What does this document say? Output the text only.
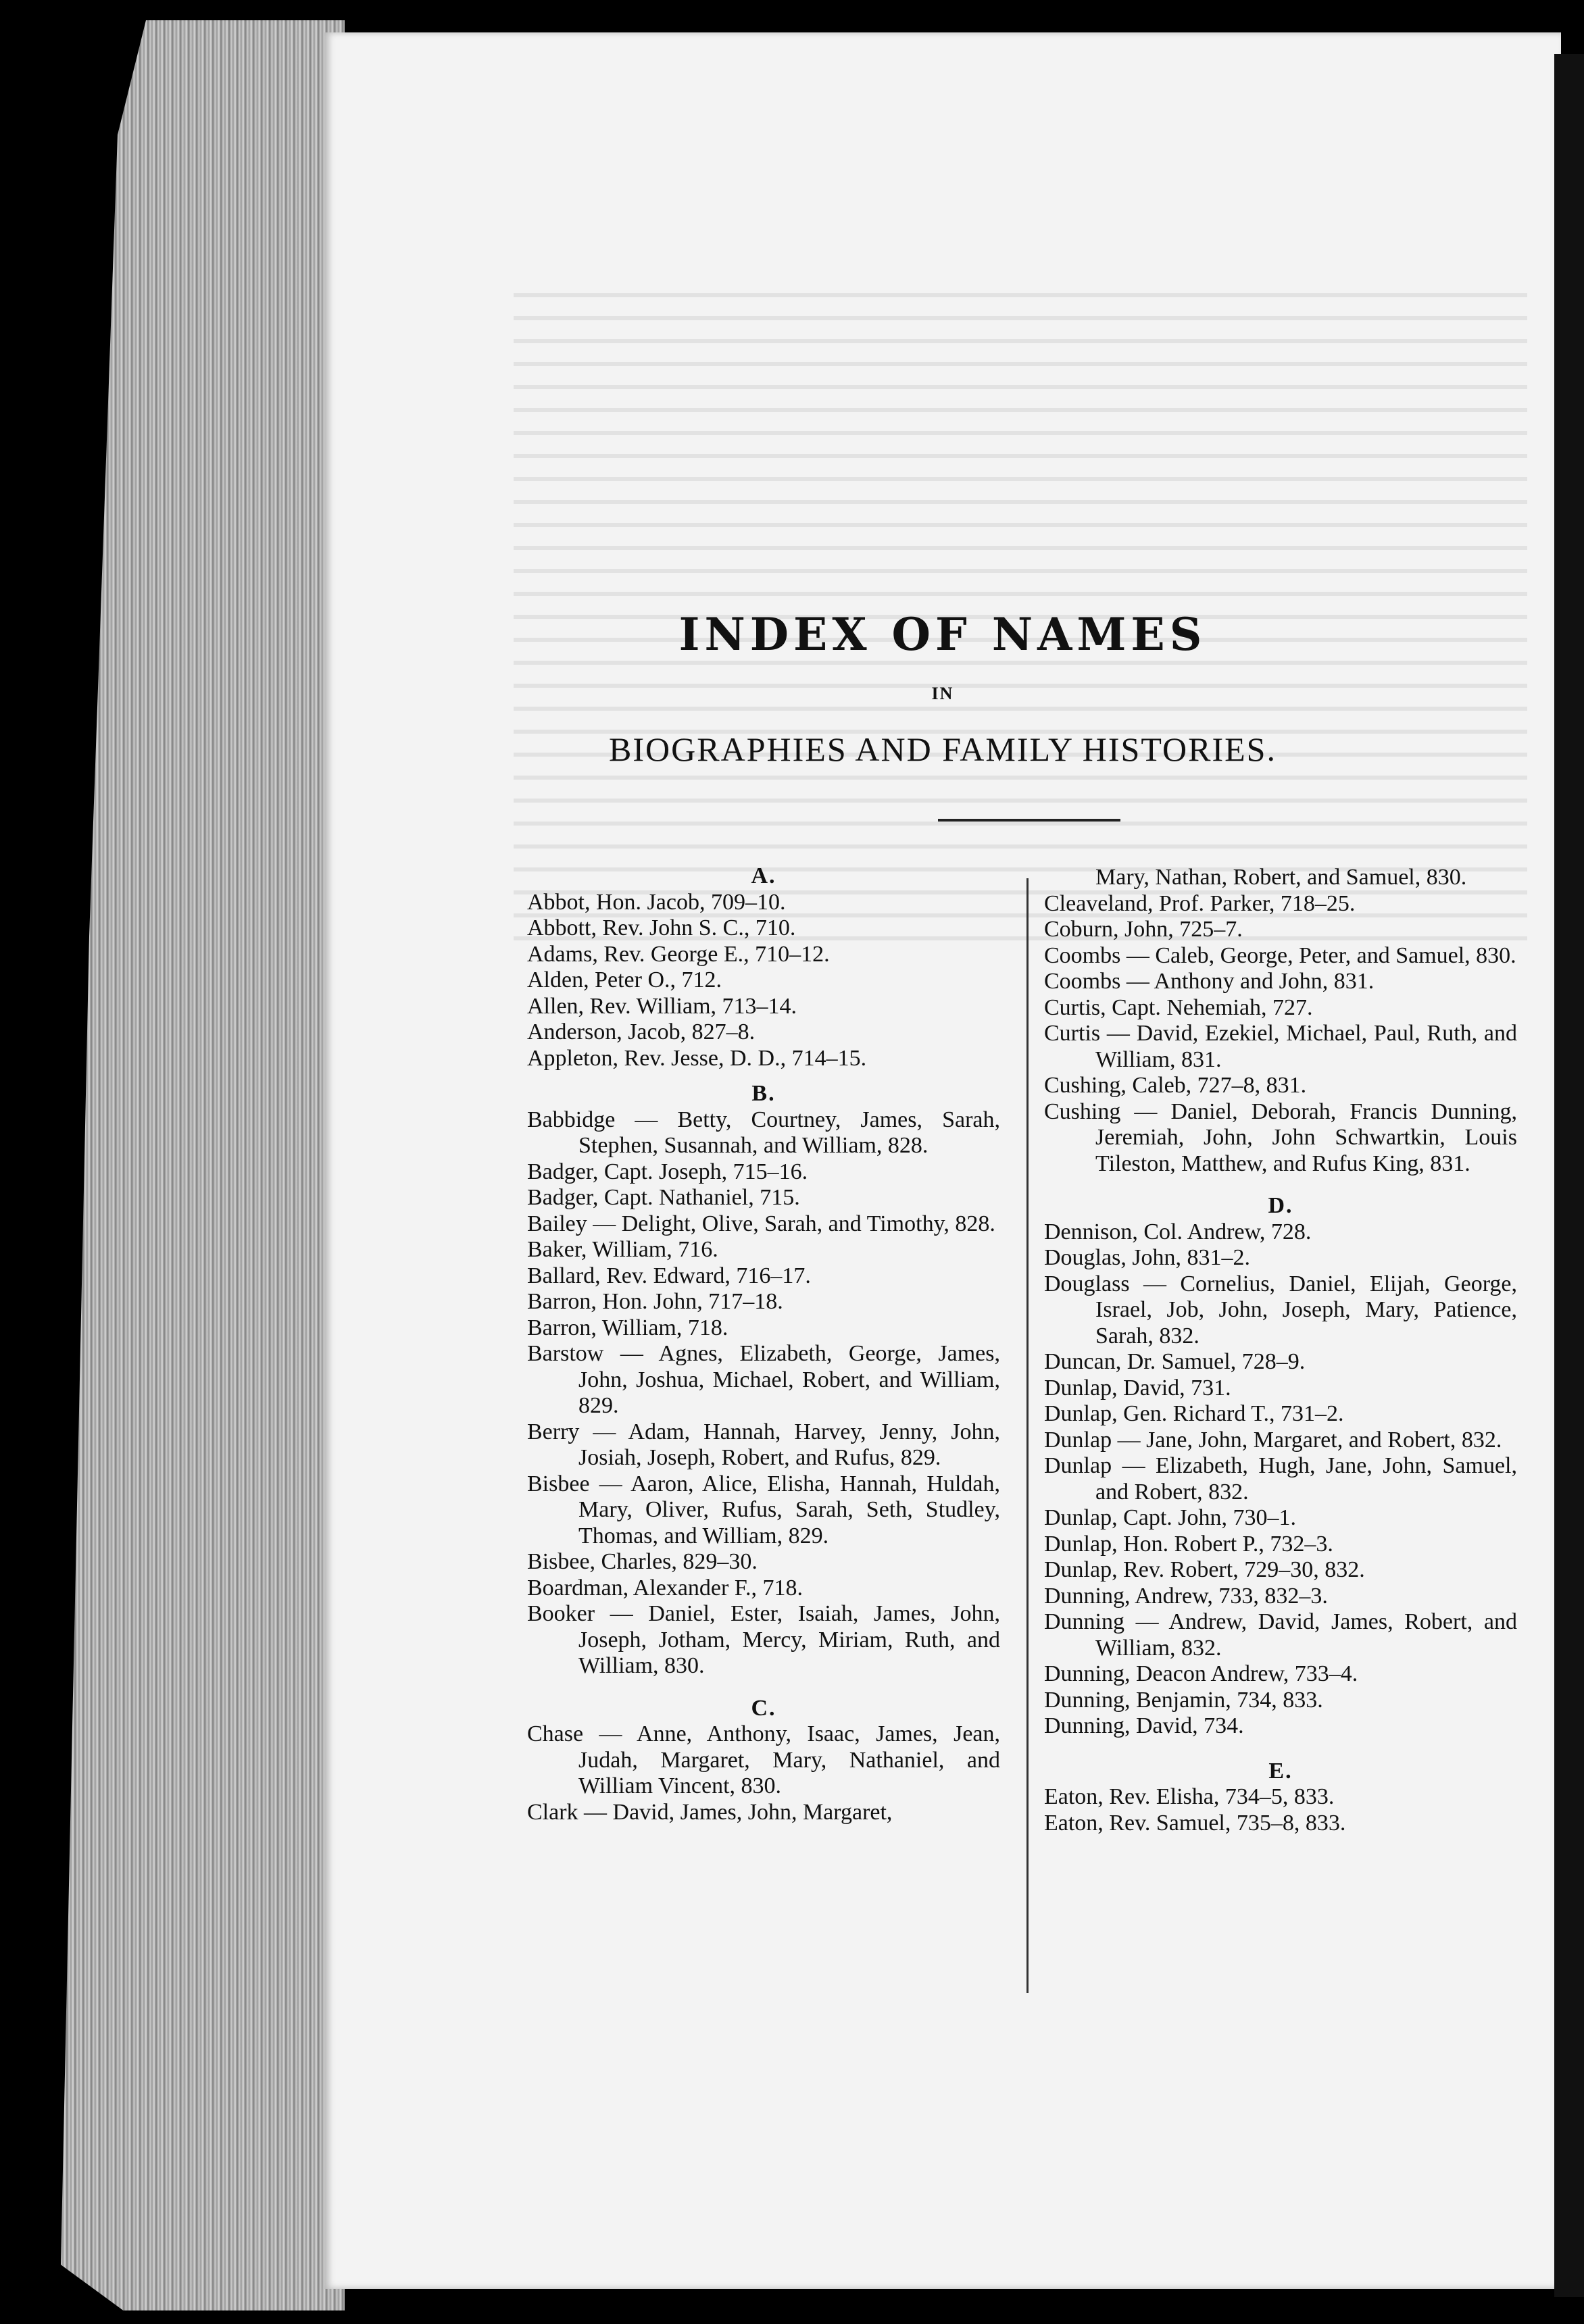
INDEX OF NAMES
IN
BIOGRAPHIES AND FAMILY HISTORIES.
A.
Abbot, Hon. Jacob, 709–10.
Abbott, Rev. John S. C., 710.
Adams, Rev. George E., 710–12.
Alden, Peter O., 712.
Allen, Rev. William, 713–14.
Anderson, Jacob, 827–8.
Appleton, Rev. Jesse, D. D., 714–15.
B.
Babbidge — Betty, Courtney, James, Sarah, Stephen, Susannah, and William, 828.
Badger, Capt. Joseph, 715–16.
Badger, Capt. Nathaniel, 715.
Bailey — Delight, Olive, Sarah, and Timothy, 828.
Baker, William, 716.
Ballard, Rev. Edward, 716–17.
Barron, Hon. John, 717–18.
Barron, William, 718.
Barstow — Agnes, Elizabeth, George, James, John, Joshua, Michael, Robert, and William, 829.
Berry — Adam, Hannah, Harvey, Jenny, John, Josiah, Joseph, Robert, and Rufus, 829.
Bisbee — Aaron, Alice, Elisha, Hannah, Huldah, Mary, Oliver, Rufus, Sarah, Seth, Studley, Thomas, and William, 829.
Bisbee, Charles, 829–30.
Boardman, Alexander F., 718.
Booker — Daniel, Ester, Isaiah, James, John, Joseph, Jotham, Mercy, Miriam, Ruth, and William, 830.
C.
Chase — Anne, Anthony, Isaac, James, Jean, Judah, Margaret, Mary, Nathaniel, and William Vincent, 830.
Clark — David, James, John, Margaret,
Mary, Nathan, Robert, and Samuel, 830.
Cleaveland, Prof. Parker, 718–25.
Coburn, John, 725–7.
Coombs — Caleb, George, Peter, and Samuel, 830.
Coombs — Anthony and John, 831.
Curtis, Capt. Nehemiah, 727.
Curtis — David, Ezekiel, Michael, Paul, Ruth, and William, 831.
Cushing, Caleb, 727–8, 831.
Cushing — Daniel, Deborah, Francis Dunning, Jeremiah, John, John Schwartkin, Louis Tileston, Matthew, and Rufus King, 831.
D.
Dennison, Col. Andrew, 728.
Douglas, John, 831–2.
Douglass — Cornelius, Daniel, Elijah, George, Israel, Job, John, Joseph, Mary, Patience, Sarah, 832.
Duncan, Dr. Samuel, 728–9.
Dunlap, David, 731.
Dunlap, Gen. Richard T., 731–2.
Dunlap — Jane, John, Margaret, and Robert, 832.
Dunlap — Elizabeth, Hugh, Jane, John, Samuel, and Robert, 832.
Dunlap, Capt. John, 730–1.
Dunlap, Hon. Robert P., 732–3.
Dunlap, Rev. Robert, 729–30, 832.
Dunning, Andrew, 733, 832–3.
Dunning — Andrew, David, James, Robert, and William, 832.
Dunning, Deacon Andrew, 733–4.
Dunning, Benjamin, 734, 833.
Dunning, David, 734.
E.
Eaton, Rev. Elisha, 734–5, 833.
Eaton, Rev. Samuel, 735–8, 833.
